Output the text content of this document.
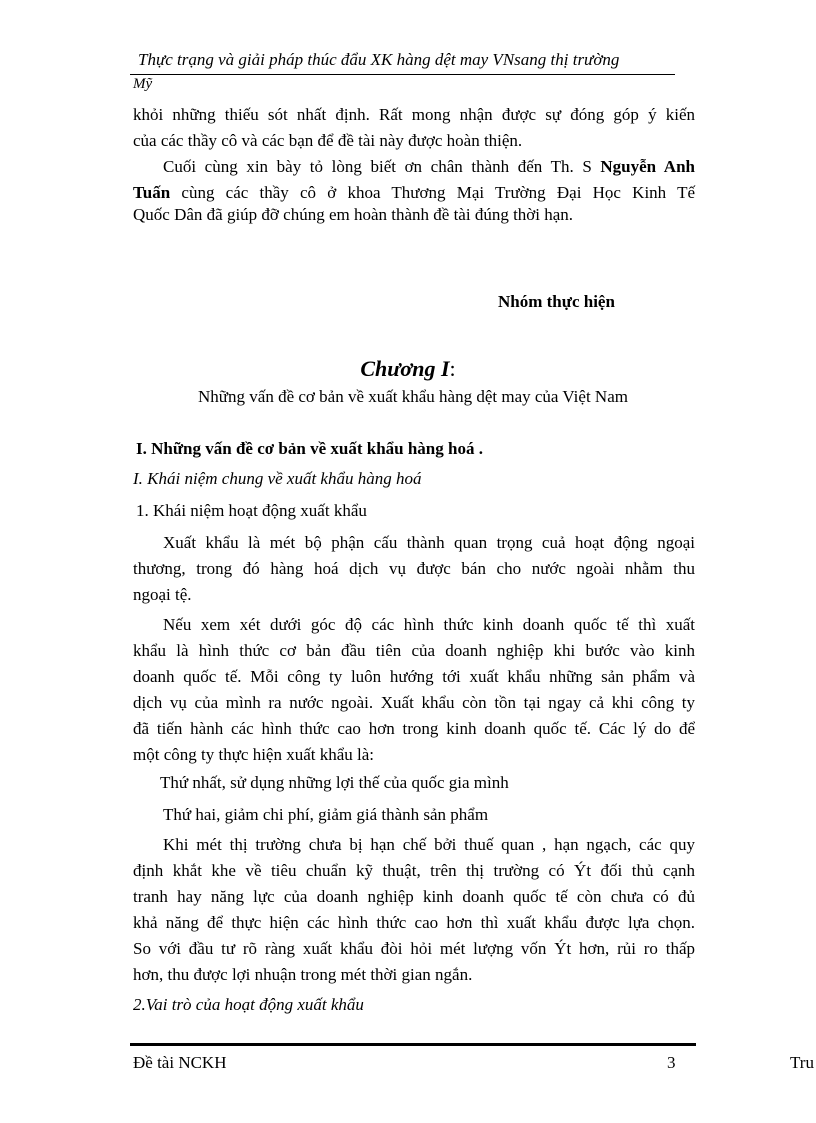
Thực trạng và giải pháp thúc đẩu XK hàng dệt may VNsang thị trường
Mỹ
khỏi những thiếu sót nhất định. Rất mong nhận được sự đóng góp ý kiến
của các thầy cô và các bạn để đề tài này được hoàn thiện.
Cuối cùng xin bày tỏ lòng biết ơn chân thành đến Th. S Nguyễn Anh
Tuấn cùng các thầy cô ở khoa Thương Mại Trường Đại Học Kinh Tế
Quốc Dân đã giúp đỡ chúng em hoàn thành đề tài đúng thời hạn.
Nhóm thực hiện
Chương I:
Những vấn đề cơ bản về xuất khẩu hàng dệt may của Việt Nam
I. Những vấn đề cơ bản về xuất khẩu hàng hoá .
I. Khái niệm chung về xuất khẩu hàng hoá
1. Khái niệm hoạt động xuất khẩu
Xuất khẩu là mét bộ phận cấu thành quan trọng cuả hoạt động ngoại
thương, trong đó hàng hoá dịch vụ được bán cho nước ngoài nhằm thu
ngoại tệ.
Nếu xem xét dưới góc độ các hình thức kinh doanh quốc tế thì xuất
khẩu là hình thức cơ bản đầu tiên của doanh nghiệp khi bước vào kinh
doanh quốc tế. Mỗi công ty luôn hướng tới xuất khẩu những sản phẩm và
dịch vụ của mình ra nước ngoài. Xuất khẩu còn tồn tại ngay cả khi công ty
đã tiến hành các hình thức cao hơn trong kinh doanh quốc tế. Các lý do để
một công ty thực hiện xuất khẩu là:
Thứ nhất, sử dụng những lợi thế của quốc gia mình
Thứ hai, giảm chi phí, giảm giá thành sản phẩm
Khi mét thị trường chưa bị hạn chế bởi thuế quan , hạn ngạch, các quy
định khắt khe về tiêu chuẩn kỹ thuật, trên thị trường có Ýt đối thủ cạnh
tranh hay năng lực của doanh nghiệp kinh doanh quốc tế còn chưa có đủ
khả năng để thực hiện các hình thức cao hơn thì xuất khẩu được lựa chọn.
So với đầu tư rõ ràng xuất khẩu đòi hỏi mét lượng vốn Ýt hơn, rủi ro thấp
hơn, thu được lợi nhuận trong mét thời gian ngắn.
2.Vai trò của hoạt động xuất khẩu
Đề tài NCKH	3	Tru
